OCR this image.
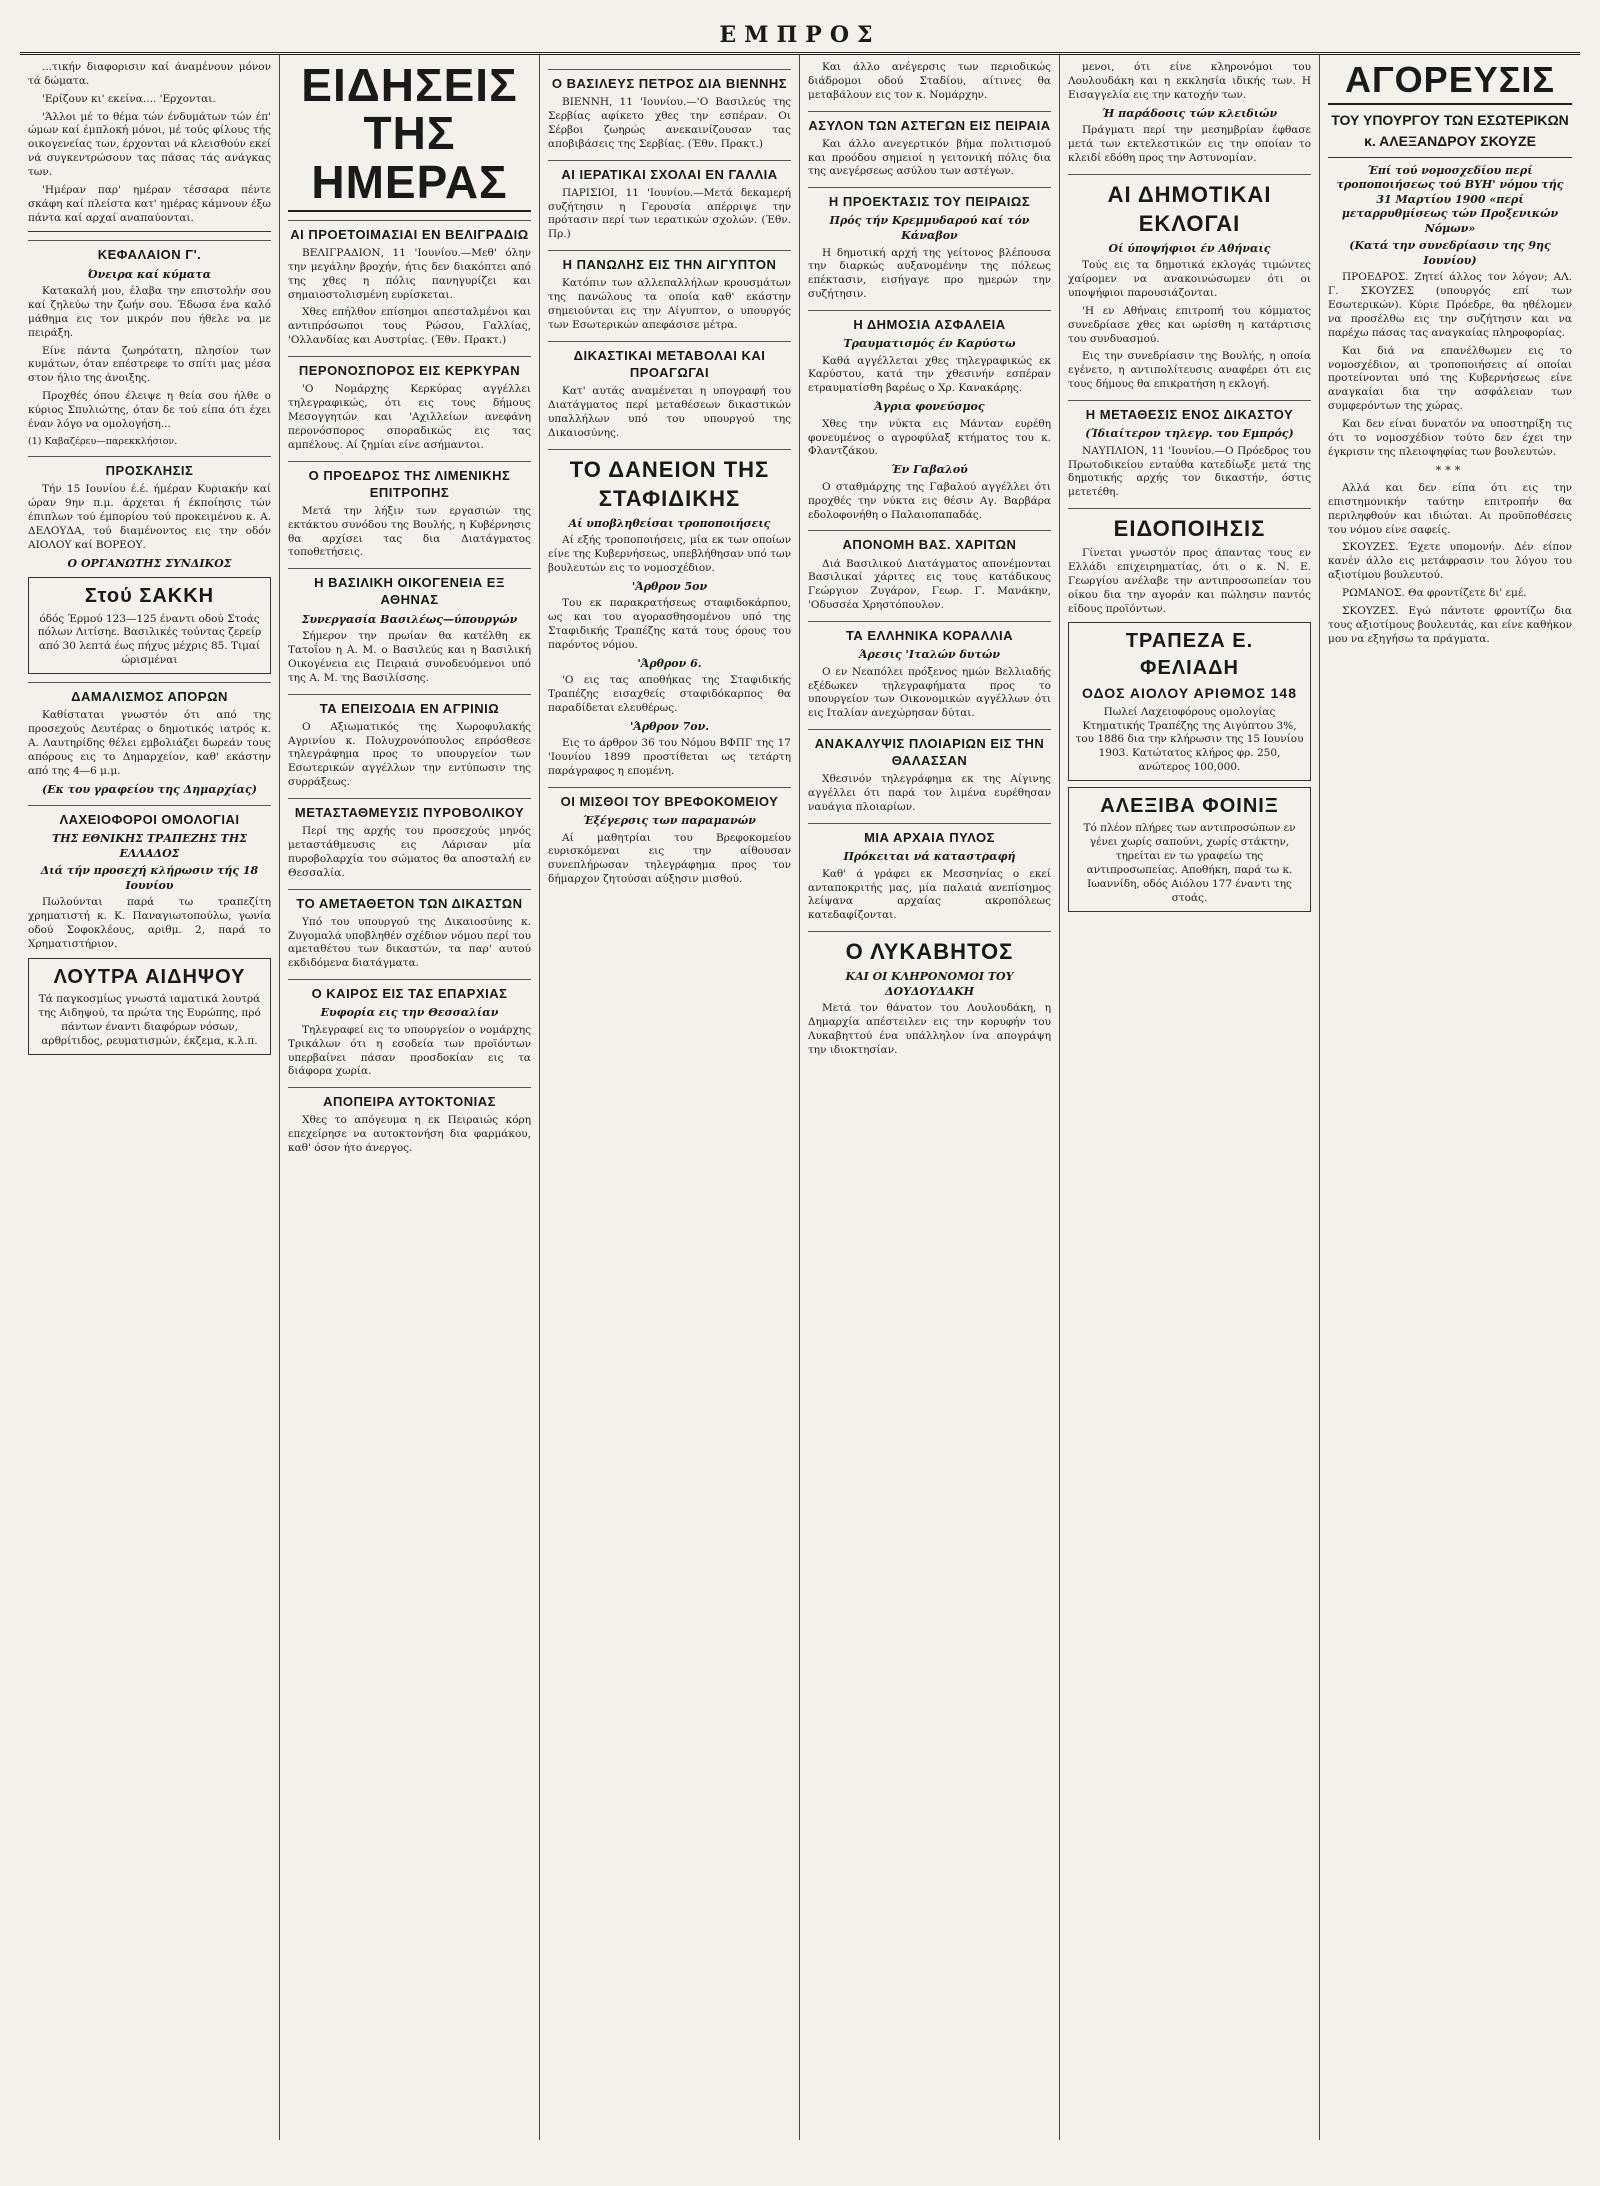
ΕΜΠΡΟΣ

...τικήν διαφορισιν καί άναμένουν μόνον τά δώματα.

'Ερίζουν κι' εκείνα.... 'Ερχονται.

'Άλλοι μέ το θέμα τών ένδυμάτων τών έπ' ώμων καί έμπλοκή μόνοι, μέ τούς φίλους τής οικογενείας των, έρχονται νά κλεισθούν εκεί νά συγκεντρώσουν τας πάσας τάς ανάγκας των.

'Ημέραν παρ' ημέραν τέσσαρα πέντε σκάφη καί πλείστα κατ' ημέρας κάμνουν έξω πάντα καί αρχαί αναπαύονται.

ΚΕΦΑΛΑΙΟΝ Γ'.
Όνειρα καί κύματα

Κατακαλή μου, έλαβα την επιστολήν σου καί ζηλεύω την ζωήν σου. Έδωσα ένα καλό μάθημα εις τον μικρόν που ήθελε να με πειράξη.

Είνε πάντα ζωηρότατη, πλησίον των κυμάτων, όταν επέστρεφε το σπίτι μας μέσα στον ήλιο της άνοιξης.

Προχθές όπου έλειψε η θεία σου ήλθε ο κύριος Σπυλιώτης, όταν δε τού είπα ότι έχει έναν λόγο να ομολογήση...

(1) Καβαζέρευ—παρεκκλήσιον.
ΠΡΟΣΚΛΗΣΙΣ

Τήν 15 Ιουνίου έ.έ. ήμέραν Κυριακήν καί ώραν 9ην π.μ. άρχεται ή έκποίησις τών έπιπλων τού έμπορίου τού προκειμένου κ. Α. ΔΕΛΟΥΔΑ, τού διαμένοντος εις την οδόν ΑΙΟΛΟΥ καί ΒΟΡΕΟΥ.

Ο ΟΡΓΑΝΩΤΗΣ ΣΥΝΔΙΚΟΣ
Στού ΣΑΚΚΗ
όδός Έρμού 123—125 έναντι οδού Στοάς πόλων Λιτίσηε. Βασιλικές τούντας ζερείρ από 30 λεπτά έως πήχυς μέχρις 85. Τιμαί ώρισμέναι
ΔΑΜΑΛΙΣΜΟΣ ΑΠΟΡΩΝ

Καθίσταται γνωστόν ότι από της προσεχούς Δευτέρας ο δημοτικός ιατρός κ. Α. Λαυτηρίδης θέλει εμβολιάζει δωρεάν τους απόρους εις το Δημαρχείον, καθ' εκάστην από της 4—6 μ.μ.

(Εκ του γραφείου της Δημαρχίας)
ΛΑΧΕΙΟΦΟΡΟΙ ΟΜΟΛΟΓΙΑΙ
ΤΗΣ ΕΘΝΙΚΗΣ ΤΡΑΠΕΖΗΣ ΤΗΣ ΕΛΛΑΔΟΣ
Διά τήν προσεχή κλήρωσιν τής 18 Ιουνίου

Πωλούνται παρά τω τραπεζίτη χρηματιστή κ. Κ. Παναγιωτοπούλω, γωνία οδού Σοφοκλέους, αριθμ. 2, παρά το Χρηματιστήριον.

ΛΟΥΤΡΑ ΑΙΔΗΨΟΥ
Τά παγκοσμίως γνωστά ιαματικά λουτρά της Αιδηψού, τα πρώτα της Ευρώπης, πρό πάντων έναντι διαφόρων νόσων, αρθρίτιδος, ρευματισμών, έκζεμα, κ.λ.π.
ΕΙΔΗΣΕΙΣ ΤΗΣ ΗΜΕΡΑΣ
ΑΙ ΠΡΟΕΤΟΙΜΑΣΙΑΙ ΕΝ ΒΕΛΙΓΡΑΔΙΩ

ΒΕΛΙΓΡΑΔΙΟΝ, 11 'Ιουνίου.—Μεθ' όλην την μεγάλην βροχήν, ήτις δεν διακόπτει από της χθες η πόλις πανηγυρίζει και σημαιοστολισμένη ευρίσκεται.

Χθες επήλθον επίσημοι απεσταλμένοι και αντιπρόσωποι τους Ρώσου, Γαλλίας, 'Ολλανδίας και Αυστρίας. (Έθν. Πρακτ.)

ΠΕΡΟΝΟΣΠΟΡΟΣ ΕΙΣ ΚΕΡΚΥΡΑΝ

'Ο Νομάρχης Κερκύρας αγγέλλει τηλεγραφικώς, ότι εις τους δήμους Μεσογγητών και 'Αχιλλείων ανεφάνη περονόσπορος σποραδικώς εις τας αμπέλους. Αί ζημίαι είνε ασήμαντοι.

Ο ΠΡΟΕΔΡΟΣ ΤΗΣ ΛΙΜΕΝΙΚΗΣ ΕΠΙΤΡΟΠΗΣ

Μετά την λήξιν των εργασιών της εκτάκτου συνόδου της Βουλής, η Κυβέρνησις θα αρχίσει τας δια Διατάγματος τοποθετήσεις.

Η ΒΑΣΙΛΙΚΗ ΟΙΚΟΓΕΝΕΙΑ ΕΞ ΑΘΗΝΑΣ
Συνεργασία Βασιλέως—ύπουργών

Σήμερον την πρωίαν θα κατέλθη εκ Τατοΐου η Α. Μ. ο Βασιλεύς και η Βασιλική Οικογένεια εις Πειραιά συνοδευόμενοι υπό της Α. Μ. της Βασιλίσσης.

ΤΑ ΕΠΕΙΣΟΔΙΑ ΕΝ ΑΓΡΙΝΙΩ

Ο Αξιωματικός της Χωροφυλακής Αγρινίου κ. Πολυχρονόπουλος επρόσθεσε τηλεγράφημα προς το υπουργείον των Εσωτερικών αγγέλλων την εντύπωσιν της συρράξεως.

ΜΕΤΑΣΤΑΘΜΕΥΣΙΣ ΠΥΡΟΒΟΛΙΚΟΥ

Περί της αρχής του προσεχούς μηνός μεταστάθμευσις εις Λάρισαν μία πυροβολαρχία του σώματος θα αποσταλή εν Θεσσαλία.

ΤΟ ΑΜΕΤΑΘΕΤΟΝ ΤΩΝ ΔΙΚΑΣΤΩΝ

Υπό του υπουργού της Δικαιοσύνης κ. Ζυγομαλά υποβληθέν σχέδιον νόμου περί του αμεταθέτου των δικαστών, τα παρ' αυτού εκδιδόμενα διατάγματα.

Ο ΚΑΙΡΟΣ ΕΙΣ ΤΑΣ ΕΠΑΡΧΙΑΣ
Ευφορία εις την Θεσσαλίαν

Τηλεγραφεί εις το υπουργείον ο νομάρχης Τρικάλων ότι η εσοδεία των προϊόντων υπερβαίνει πάσαν προσδοκίαν εις τα διάφορα χωρία.

ΑΠΟΠΕΙΡΑ ΑΥΤΟΚΤΟΝΙΑΣ

Χθες το απόγευμα η εκ Πειραιώς κόρη επεχείρησε να αυτοκτονήση δια φαρμάκου, καθ' όσον ήτο άνεργος.

Ο ΒΑΣΙΛΕΥΣ ΠΕΤΡΟΣ ΔΙΑ ΒΙΕΝΝΗΣ

ΒΙΕΝΝΗ, 11 'Ιουνίου.—'Ο Βασιλεύς της Σερβίας αφίκετο χθες την εσπέραν. Οι Σέρβοι ζωηρώς ανεκαινίζουσαν τας αποβιβάσεις της Σερβίας. (Έθν. Πρακτ.)

ΑΙ ΙΕΡΑΤΙΚΑΙ ΣΧΟΛΑΙ ΕΝ ΓΑΛΛΙΑ

ΠΑΡΙΣΙΟΙ, 11 'Ιουνίου.—Μετά δεκαμερή συζήτησιν η Γερουσία απέρριψε την πρότασιν περί των ιερατικών σχολών. (Έθν. Πρ.)

Η ΠΑΝΩΛΗΣ ΕΙΣ ΤΗΝ ΑΙΓΥΠΤΟΝ

Κατόπιν των αλλεπαλλήλων κρουσμάτων της πανώλους τα οποία καθ' εκάστην σημειούνται εις την Αίγυπτον, ο υπουργός των Εσωτερικών απεφάσισε μέτρα.

ΔΙΚΑΣΤΙΚΑΙ ΜΕΤΑΒΟΛΑΙ ΚΑΙ ΠΡΟΑΓΩΓΑΙ

Κατ' αυτάς αναμένεται η υπογραφή του Διατάγματος περί μεταθέσεων δικαστικών υπαλλήλων υπό του υπουργού της Δικαιοσύνης.

ΤΟ ΔΑΝΕΙΟΝ ΤΗΣ ΣΤΑΦΙΔΙΚΗΣ
Αί υποβληθείσαι τροποποιήσεις

Αί εξής τροποποιήσεις, μία εκ των οποίων είνε της Κυβερνήσεως, υπεβλήθησαν υπό των βουλευτών εις το νομοσχέδιον.

'Άρθρον 5ον

Του εκ παρακρατήσεως σταφιδοκάρπου, ως και του αγορασθησομένου υπό της Σταφιδικής Τραπέζης κατά τους όρους του παρόντος νόμου.

'Άρθρον 6.

'Ο εις τας αποθήκας της Σταφιδικής Τραπέζης εισαχθείς σταφιδόκαρπος θα παραδίδεται ελευθέρως.

'Άρθρον 7ον.

Εις το άρθρον 36 του Νόμου ΒΦΠΓ της 17 'Ιουνίου 1899 προστίθεται ως τετάρτη παράγραφος η επομένη.

ΟΙ ΜΙΣΘΟΙ ΤΟΥ ΒΡΕΦΟΚΟΜΕΙΟΥ
Έξέγερσις των παραμανών

Αί μαθητρίαι του Βρεφοκομείου ευρισκόμεναι εις την αίθουσαν συνεπλήρωσαν τηλεγράφημα προς τον δήμαρχον ζητούσαι αύξησιν μισθού.

Και άλλο ανέγερσις των περιοδικώς διάδρομοι οδού Σταδίου, αίτινες θα μεταβάλουν εις τον κ. Νομάρχην.

ΑΣΥΛΟΝ ΤΩΝ ΑΣΤΕΓΩΝ ΕΙΣ ΠΕΙΡΑΙΑ

Και άλλο ανεγερτικόν βήμα πολιτισμού και προόδου σημειοί η γειτονική πόλις δια της ανεγέρσεως ασύλου των αστέγων.

Η ΠΡΟΕΚΤΑΣΙΣ ΤΟΥ ΠΕΙΡΑΙΩΣ
Πρός τήν Κρεμμυδαρού καί τόν Κάναβον

Η δημοτική αρχή της γείτονος βλέπουσα την διαρκώς αυξανομένην της πόλεως επέκτασιν, εισήγαγε προ ημερών την συζήτησιν.

Η ΔΗΜΟΣΙΑ ΑΣΦΑΛΕΙΑ
Τραυματισμός έν Καρύστω

Καθά αγγέλλεται χθες τηλεγραφικώς εκ Καρύστου, κατά την χθεσινήν εσπέραν ετραυματίσθη βαρέως ο Χρ. Κανακάρης.

Άγρια φονεύσμος

Χθες την νύκτα εις Μάνταν ευρέθη φονευμένος ο αγροφύλαξ κτήματος του κ. Φλαντζάκου.

Έν Γαβαλού

Ο σταθμάρχης της Γαβαλού αγγέλλει ότι προχθές την νύκτα εις θέσιν Αγ. Βαρβάρα εδολοφονήθη ο Παλαιοπαπαδάς.

ΑΠΟΝΟΜΗ ΒΑΣ. ΧΑΡΙΤΩΝ

Διά Βασιλικού Διατάγματος απονέμονται Βασιλικαί χάριτες εις τους κατάδικους Γεώργιον Ζυγάρον, Γεωρ. Γ. Μανάκην, 'Οδυσσέα Χρηστόπουλον.

ΤΑ ΕΛΛΗΝΙΚΑ ΚΟΡΑΛΛΙΑ
Άρεσις 'Ιταλών δυτών

Ο εν Νεαπόλει πρόξενος ημών Βελλιαδής εξέδωκεν τηλεγραφήματα προς το υπουργείον των Οικονομικών αγγέλλων ότι εις Ιταλίαν ανεχώρησαν δύται.

ΑΝΑΚΑΛΥΨΙΣ ΠΛΟΙΑΡΙΩΝ ΕΙΣ ΤΗΝ ΘΑΛΑΣΣΑΝ

Χθεσινόν τηλεγράφημα εκ της Αίγινης αγγέλλει ότι παρά τον λιμένα ευρέθησαν ναυάγια πλοιαρίων.

ΜΙΑ ΑΡΧΑΙΑ ΠΥΛΟΣ
Πρόκειται νά καταστραφή

Καθ' ά γράφει εκ Μεσσηνίας ο εκεί ανταποκριτής μας, μία παλαιά ανεπίσημος λείψανα αρχαίας ακροπόλεως κατεδαφίζονται.

Ο ΛΥΚΑΒΗΤΟΣ
ΚΑΙ ΟΙ ΚΛΗΡΟΝΟΜΟΙ ΤΟΥ ΔΟΥΔΟΥΔΑΚΗ

Μετά τον θάνατον του Λουλουδάκη, η Δημαρχία απέστειλεν εις την κορυφήν του Λυκαβηττού ένα υπάλληλον ίνα απογράψη την ιδιοκτησίαν.

μενοι, ότι είνε κληρονόμοι του Λουλουδάκη και η εκκλησία ιδικής των. Η Εισαγγελία εις την κατοχήν των.

Ή παράδοσις τών κλειδιών

Πράγματι περί την μεσημβρίαν έφθασε μετά των εκτελεστικών εις την οποίαν το κλειδί εδόθη προς την Αστυνομίαν.

ΑΙ ΔΗΜΟΤΙΚΑΙ ΕΚΛΟΓΑΙ
Οί ύποψήφιοι έν Αθήναις

Τούς εις τα δημοτικά εκλογάς τιμώντες χαίρομεν να ανακοινώσωμεν ότι οι υποψήφιοι παρουσιάζονται.

'Η εν Αθήναις επιτροπή του κόμματος συνεδρίασε χθες και ωρίσθη η κατάρτισις του συνδυασμού.

Εις την συνεδρίασιν της Βουλής, η οποία εγένετο, η αντιπολίτευσις αναφέρει ότι εις τους δήμους θα επικρατήση η εκλογή.

Η ΜΕΤΑΘΕΣΙΣ ΕΝΟΣ ΔΙΚΑΣΤΟΥ
(Ίδιαίτερον τηλεγρ. του Εμπρός)

ΝΑΥΠΛΙΟΝ, 11 'Ιουνίου.—Ο Πρόεδρος του Πρωτοδικείου ενταύθα κατεδίωξε μετά της δημοτικής αρχής τον δικαστήν, όστις μετετέθη.

ΕΙΔΟΠΟΙΗΣΙΣ

Γίνεται γνωστόν προς άπαντας τους εν Ελλάδι επιχειρηματίας, ότι ο κ. Ν. Ε. Γεωργίου ανέλαβε την αντιπροσωπείαν του οίκου δια την αγοράν και πώλησιν παντός είδους προϊόντων.

ΤΡΑΠΕΖΑ Ε. ΦΕΛΙΑΔΗ
ΟΔΟΣ ΑΙΟΛΟΥ ΑΡΙΘΜΟΣ 148
Πωλεί Λαχειοφόρους ομολογίας Κτηματικής Τραπέζης της Αιγύπτου 3%, του 1886 δια την κλήρωσιν της 15 Ιουνίου 1903. Κατώτατος κλήρος φρ. 250, ανώτερος 100,000.
ΑΛΕΞΙΒΑ ΦΟΙΝΙΞ
Τό πλέον πλήρες των αντιπροσώπων εν γένει χωρίς σαπούνι, χωρίς στάκτην, τηρείται εν τω γραφείω της αντιπροσωπείας. Αποθήκη, παρά τω κ. Ιωαννίδη, οδός Αιόλου 177 έναντι της στοάς.
ΑΓΟΡΕΥΣΙΣ
ΤΟΥ ΥΠΟΥΡΓΟΥ ΤΩΝ ΕΣΩΤΕΡΙΚΩΝ
κ. ΑΛΕΞΑΝΔΡΟΥ ΣΚΟΥΖΕ
Έπί τού νομοσχεδίου περί τροποποιήσεως τού ΒΥΗ' νόμου τής 31 Μαρτίου 1900 «περί μεταρρυθμίσεως τών Προξενικών Νόμων»
(Κατά την συνεδρίασιν της 9ης Ιουνίου)

ΠΡΟΕΔΡΟΣ. Ζητεί άλλος τον λόγον; ΑΛ. Γ. ΣΚΟΥΖΕΣ (υπουργός επί των Εσωτερικών). Κύριε Πρόεδρε, θα ηθέλομεν να προσέλθω εις την συζήτησιν και να παρέχω πάσας τας αναγκαίας πληροφορίας.

Και διά να επανέλθωμεν εις το νομοσχέδιον, αι τροποποιήσεις αί οποίαι προτείνονται υπό της Κυβερνήσεως είνε αναγκαίαι δια την ασφάλειαν των συμφερόντων της χώρας.

Και δεν είναι δυνατόν να υποστηρίξη τις ότι το νομοσχέδιον τούτο δεν έχει την έγκρισιν της πλειοψηφίας των βουλευτών.

***

Αλλά και δεν είπα ότι εις την επιστημονικήν ταύτην επιτροπήν θα περιληφθούν και ιδιώται. Αι προϋποθέσεις του νόμου είνε σαφείς.

ΣΚΟΥΖΕΣ. Έχετε υπομονήν. Δέν είπον κανέν άλλο εις μετάφρασιν του λόγου του αξιοτίμου βουλευτού.

ΡΩΜΑΝΟΣ. Θα φροντίζετε δι' εμέ.

ΣΚΟΥΖΕΣ. Εγώ πάντοτε φροντίζω δια τους αξιοτίμους βουλευτάς, και είνε καθήκον μου να εξηγήσω τα πράγματα.
